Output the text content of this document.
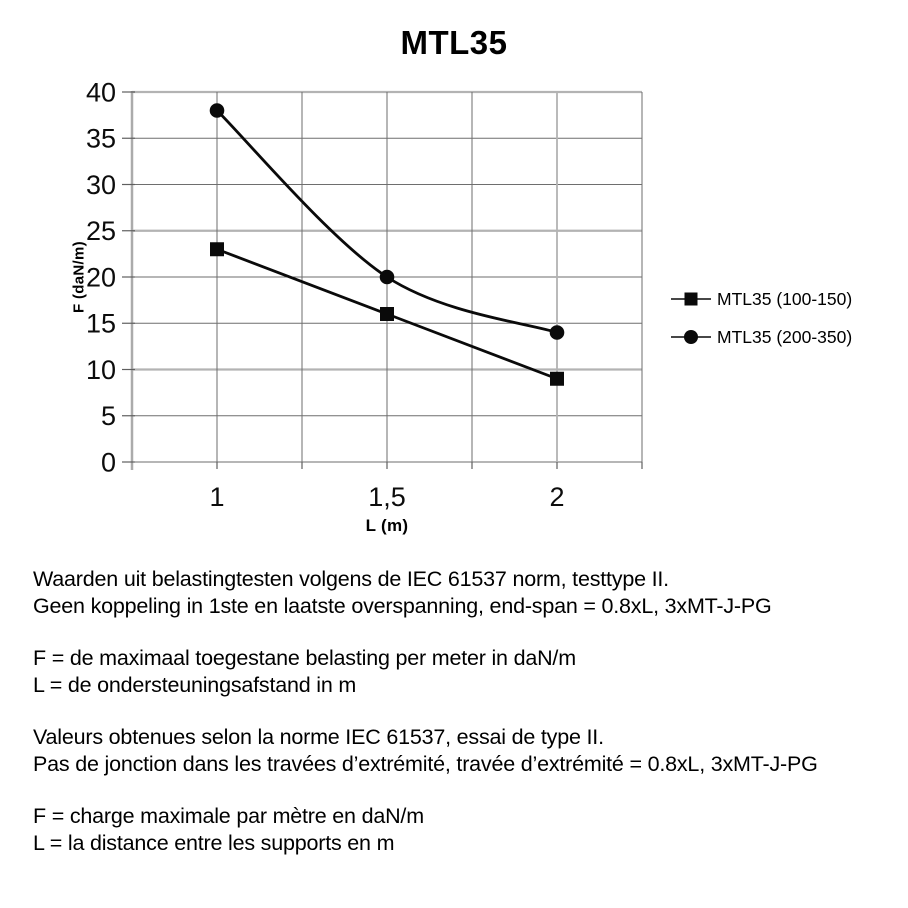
MTL35
0
5
10
15
20
25
30
35
40
1	1,5	2
F (daN/m)
L (m)
MTL35 (100-150)
MTL35 (200-350)

Waarden uit belastingtesten volgens de IEC 61537 norm, testtype II.
Geen koppeling in 1ste en laatste overspanning, end-span = 0.8xL, 3xMT-J-PG

F = de maximaal toegestane belasting per meter in daN/m
L = de ondersteuningsafstand in m

Valeurs obtenues selon la norme IEC 61537, essai de type II.
Pas de jonction dans les travées d’extrémité, travée d’extrémité = 0.8xL, 3xMT-J-PG

F = charge maximale par mètre en daN/m
L = la distance entre les supports en m
